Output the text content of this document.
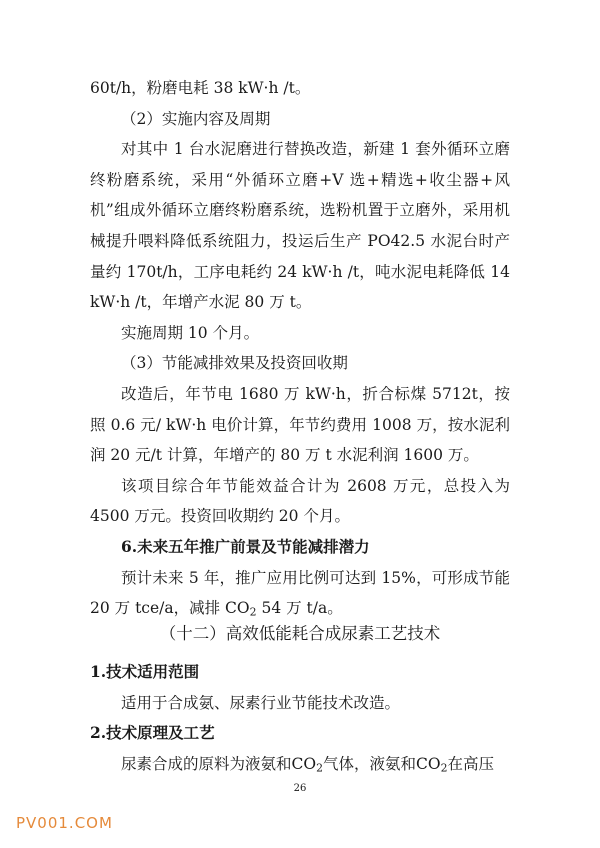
60t/h，粉磨电耗 38 kW·h /t。

（2）实施内容及周期

对其中 1 台水泥磨进行替换改造，新建 1 套外循环立磨终粉磨系统，采用“外循环立磨+V 选+精选+收尘器+风机”组成外循环立磨终粉磨系统，选粉机置于立磨外，采用机械提升喂料降低系统阻力，投运后生产 PO42.5 水泥台时产量约 170t/h，工序电耗约 24 kW·h /t，吨水泥电耗降低 14 kW·h /t，年增产水泥 80 万 t。

实施周期 10 个月。

（3）节能减排效果及投资回收期

改造后，年节电 1680 万 kW·h，折合标煤 5712t，按照 0.6 元/ kW·h 电价计算，年节约费用 1008 万，按水泥利润 20 元/t 计算，年增产的 80 万 t 水泥利润 1600 万。

该项目综合年节能效益合计为 2608 万元，总投入为 4500 万元。投资回收期约 20 个月。

6.未来五年推广前景及节能减排潜力

预计未来 5 年，推广应用比例可达到 15%，可形成节能 20 万 tce/a，减排 $CO_2$ 54 万 t/a。

（十二）高效低能耗合成尿素工艺技术

1.技术适用范围

适用于合成氨、尿素行业节能技术改造。

2.技术原理及工艺

尿素合成的原料为液氨和$CO_2$气体，液氨和$CO_2$在高压

26
PV001.COM
